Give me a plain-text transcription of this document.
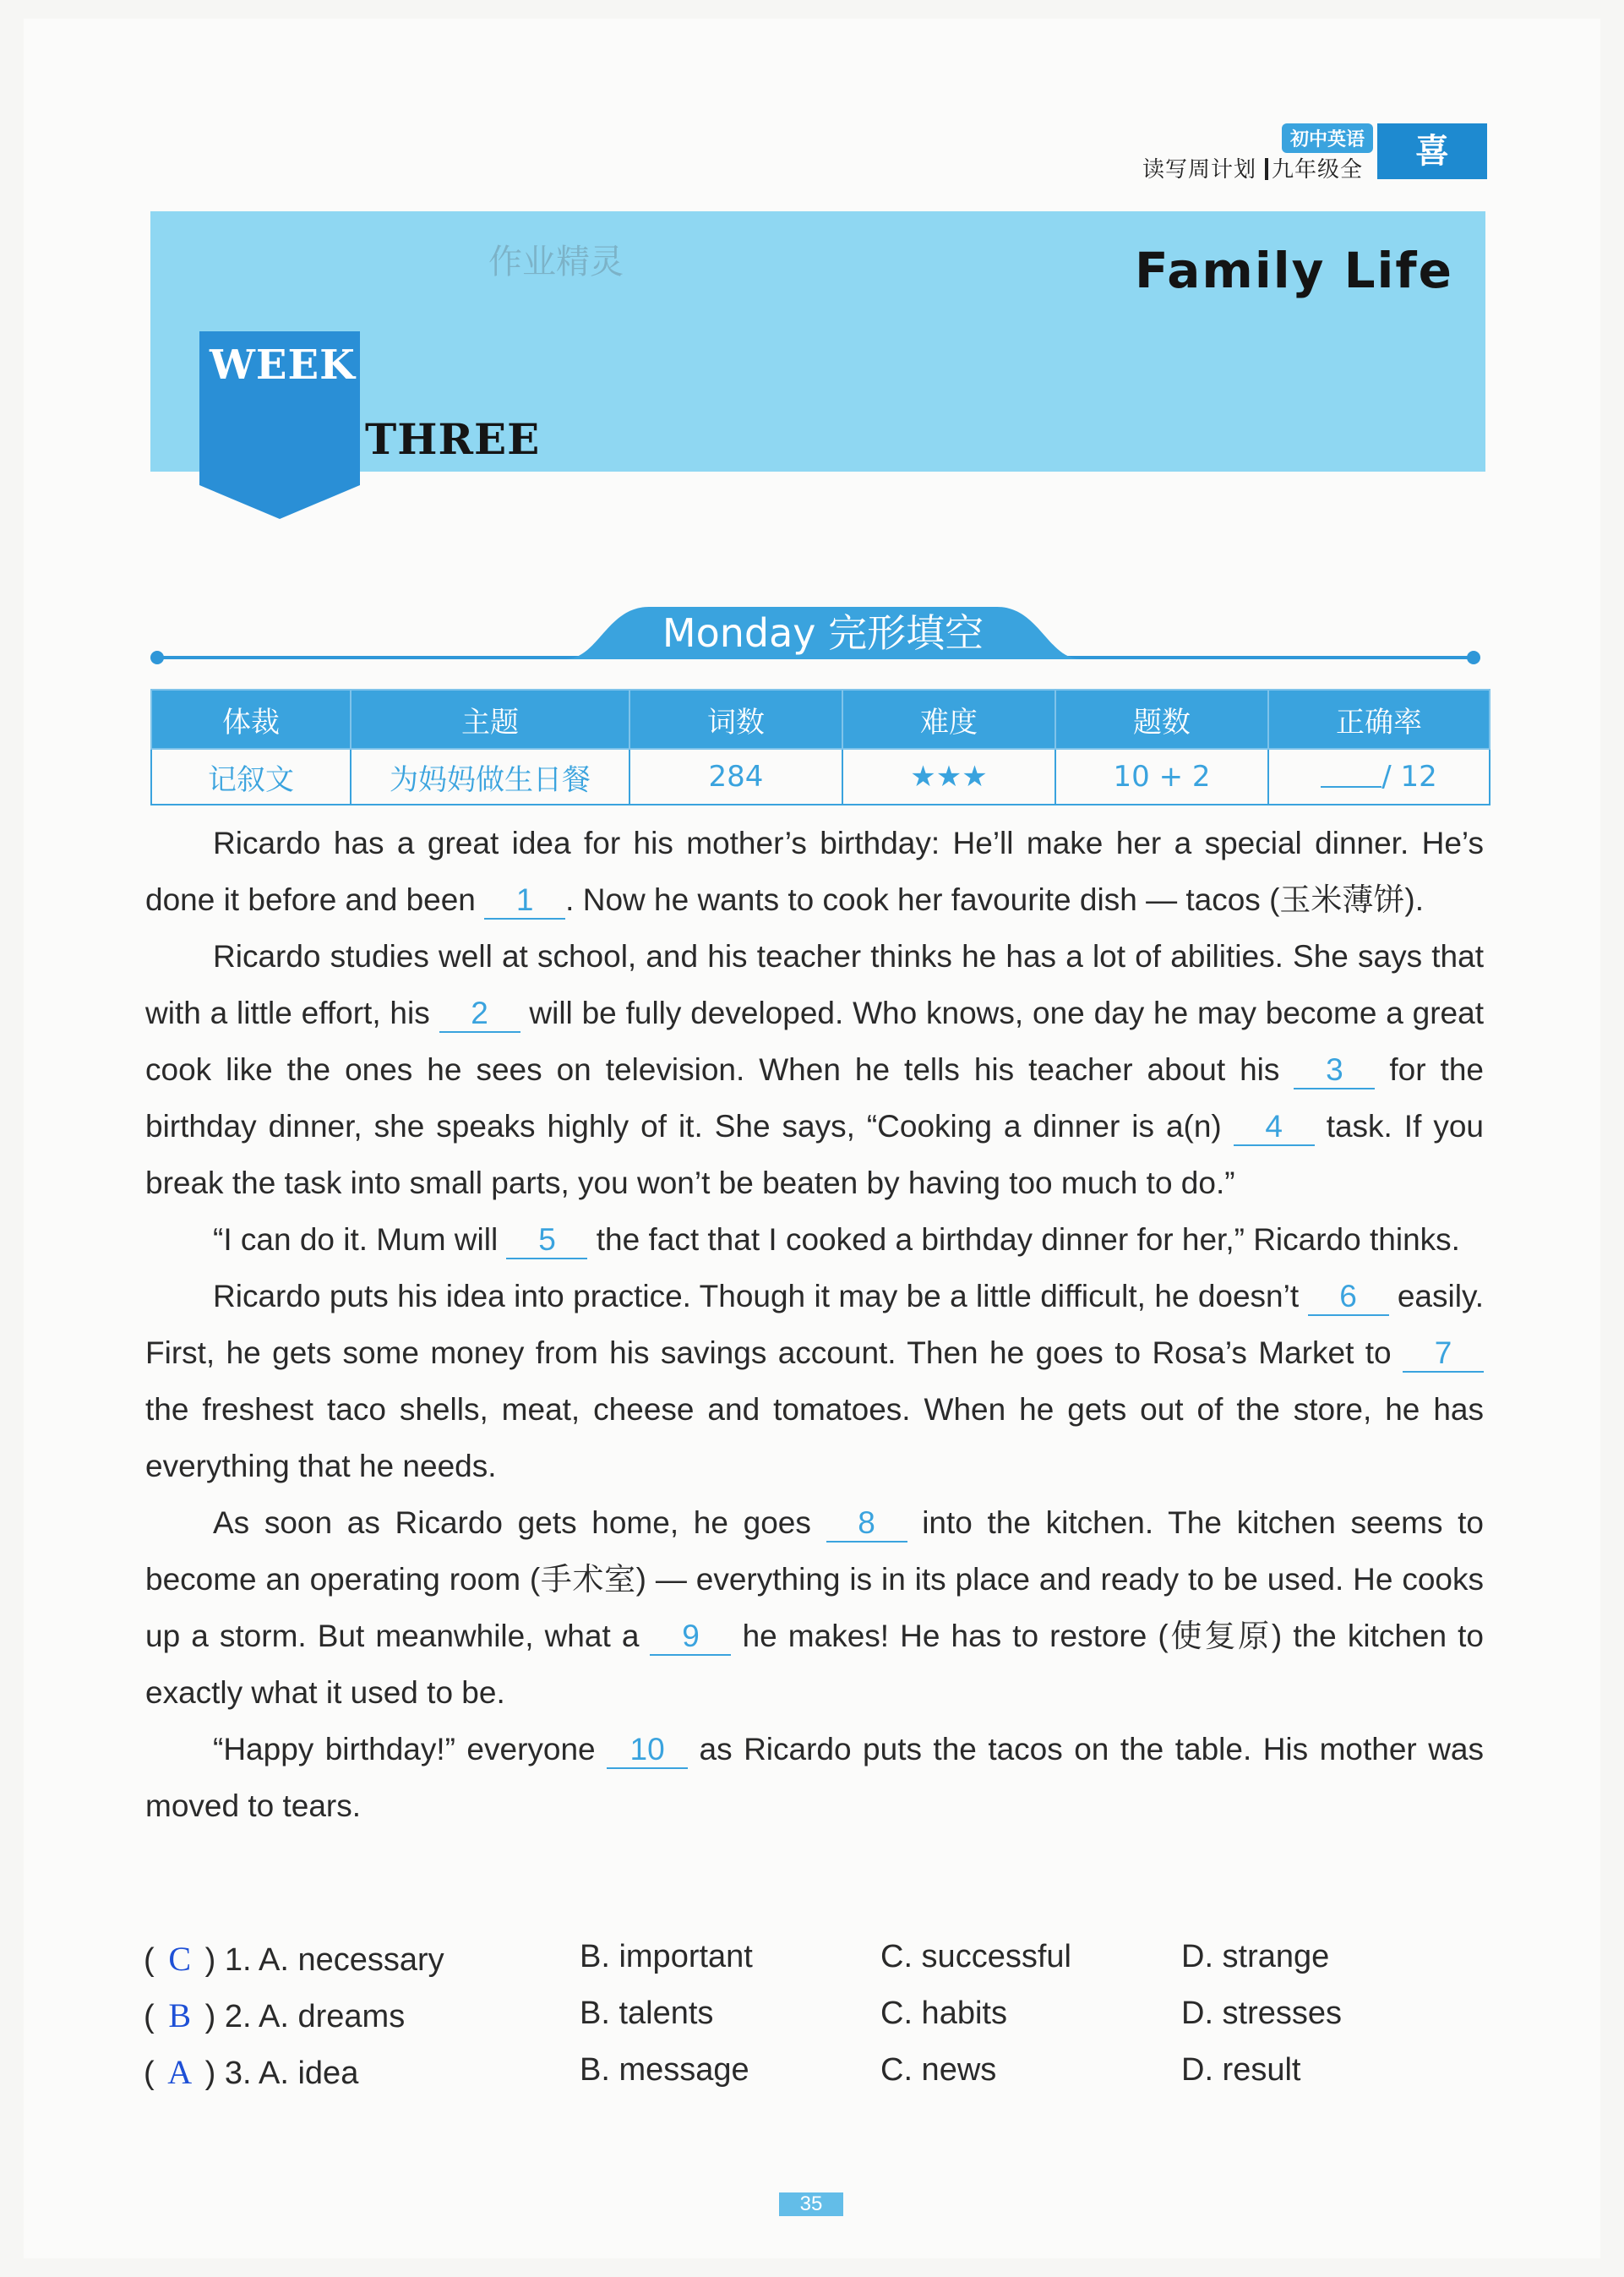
初中英语
读写周计划 九年级全	喜
作业精灵	Family Life
WEEK
THREE
Monday 完形填空
体裁	主题	词数	难度	题数	正确率
记叙文	为妈妈做生日餐	284	★★★	10 + 2	/ 12

Ricardo has a great idea for his mother’s birthday: He’ll make her a special dinner. He’s done it before and been 1 . Now he wants to cook her favourite dish — tacos (玉米薄饼).

Ricardo studies well at school, and his teacher thinks he has a lot of abilities. She says that with a little effort, his 2 will be fully developed. Who knows, one day he may become a great cook like the ones he sees on television. When he tells his teacher about his 3 for the birthday dinner, she speaks highly of it. She says, “Cooking a dinner is a(n) 4 task. If you break the task into small parts, you won’t be beaten by having too much to do.”

“I can do it. Mum will 5 the fact that I cooked a birthday dinner for her,” Ricardo thinks.

Ricardo puts his idea into practice. Though it may be a little difficult, he doesn’t 6 easily. First, he gets some money from his savings account. Then he goes to Rosa’s Market to 7 the freshest taco shells, meat, cheese and tomatoes. When he gets out of the store, he has everything that he needs.

As soon as Ricardo gets home, he goes 8 into the kitchen. The kitchen seems to become an operating room (手术室) — everything is in its place and ready to be used. He cooks up a storm. But meanwhile, what a 9 he makes! He has to restore (使复原) the kitchen to exactly what it used to be.

“Happy birthday!” everyone 10 as Ricardo puts the tacos on the table. His mother was moved to tears.

( C ) 1. A. necessary	B. important	C. successful	D. strange
( B ) 2. A. dreams	B. talents	C. habits	D. stresses
( A ) 3. A. idea	B. message	C. news	D. result
35
